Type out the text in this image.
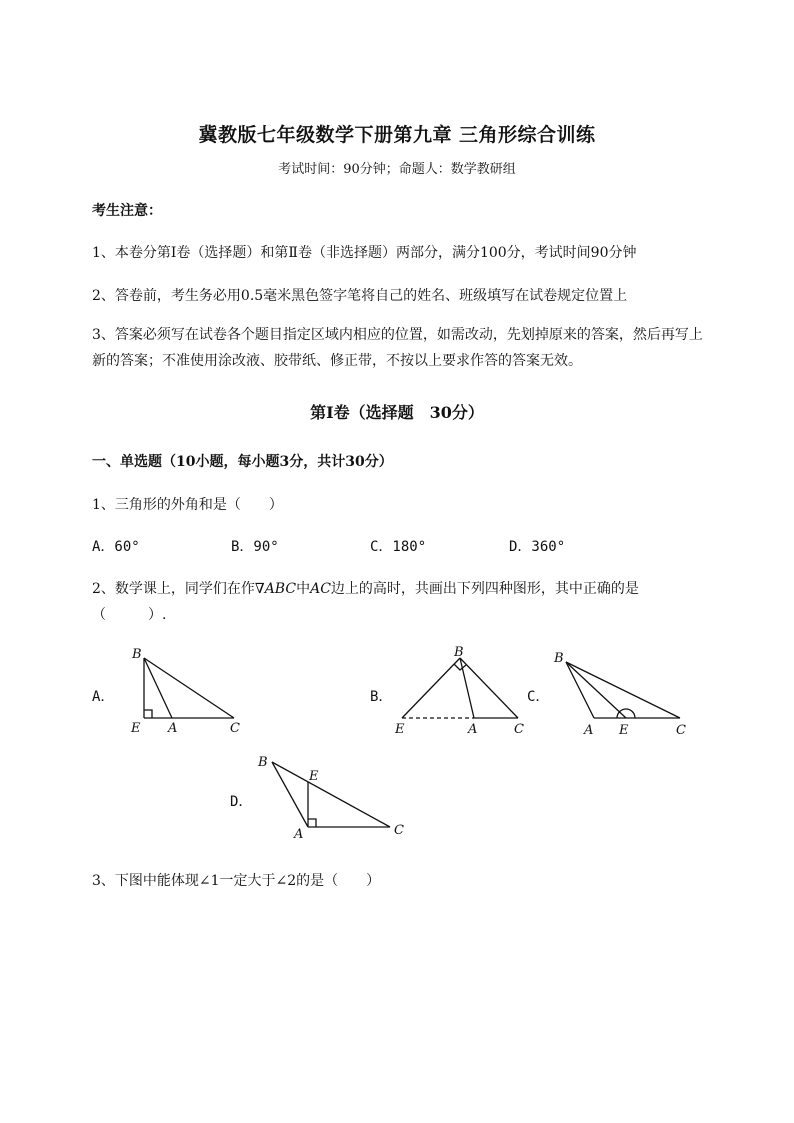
冀教版七年级数学下册第九章 三角形综合训练
考试时间：90分钟；命题人：数学教研组
考生注意：
1、本卷分第I卷（选择题）和第Ⅱ卷（非选择题）两部分，满分100分，考试时间90分钟
2、答卷前，考生务必用0.5毫米黑色签字笔将自己的姓名、班级填写在试卷规定位置上
3、答案必须写在试卷各个题目指定区域内相应的位置，如需改动，先划掉原来的答案，然后再写上新的答案；不准使用涂改液、胶带纸、修正带，不按以上要求作答的答案无效。
第I卷（选择题　30分）
一、单选题（10小题，每小题3分，共计30分）
1、三角形的外角和是（　　）
A．60°	B．90°	C．180°	D．360°
2、数学课上，同学们在作∇ABC中AC边上的高时，共画出下列四种图形，其中正确的是
（　　　）.
A．	B．	C．
D．
B
E A	C
B
E	A	C
B
A E	C
B
E
A	C
3、下图中能体现∠1一定大于∠2的是（　　）
